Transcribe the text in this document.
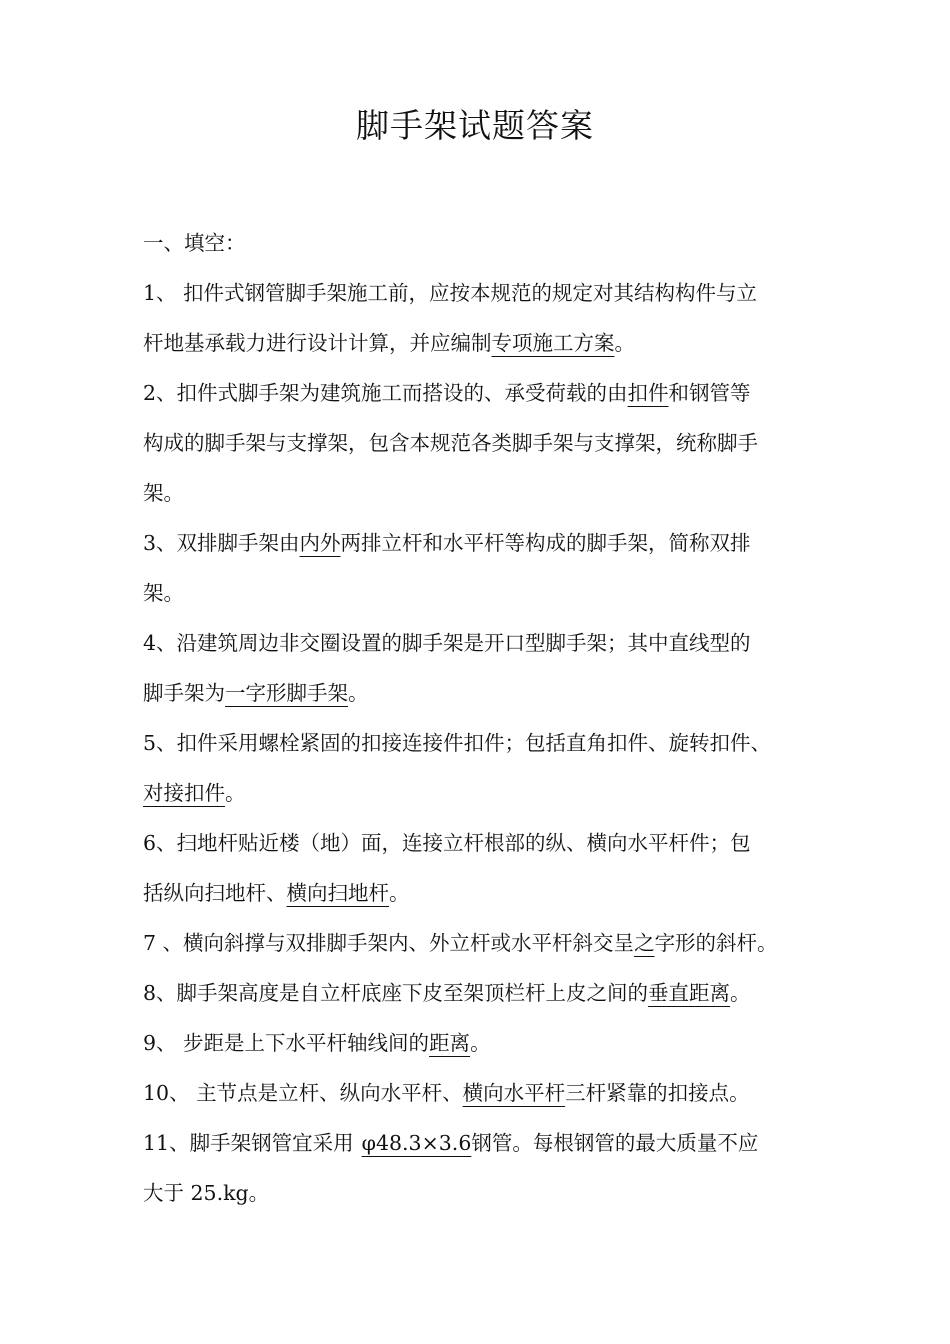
脚手架试题答案
一、填空：
1、 扣件式钢管脚手架施工前，应按本规范的规定对其结构构件与立
杆地基承载力进行设计计算，并应编制专项施工方案。
2、扣件式脚手架为建筑施工而搭设的、承受荷载的由扣件和钢管等
构成的脚手架与支撑架，包含本规范各类脚手架与支撑架，统称脚手
架。
3、双排脚手架由内外两排立杆和水平杆等构成的脚手架，简称双排
架。
4、沿建筑周边非交圈设置的脚手架是开口型脚手架；其中直线型的
脚手架为一字形脚手架。
5、扣件采用螺栓紧固的扣接连接件扣件；包括直角扣件、旋转扣件、
对接扣件。
6、扫地杆贴近楼（地）面，连接立杆根部的纵、横向水平杆件；包
括纵向扫地杆、横向扫地杆。
7 、横向斜撑与双排脚手架内、外立杆或水平杆斜交呈之字形的斜杆。
8、脚手架高度是自立杆底座下皮至架顶栏杆上皮之间的垂直距离。
9、 步距是上下水平杆轴线间的距离。
10、 主节点是立杆、纵向水平杆、横向水平杆三杆紧靠的扣接点。
11、脚手架钢管宜采用 φ48.3×3.6钢管。每根钢管的最大质量不应
大于 25.kg。
